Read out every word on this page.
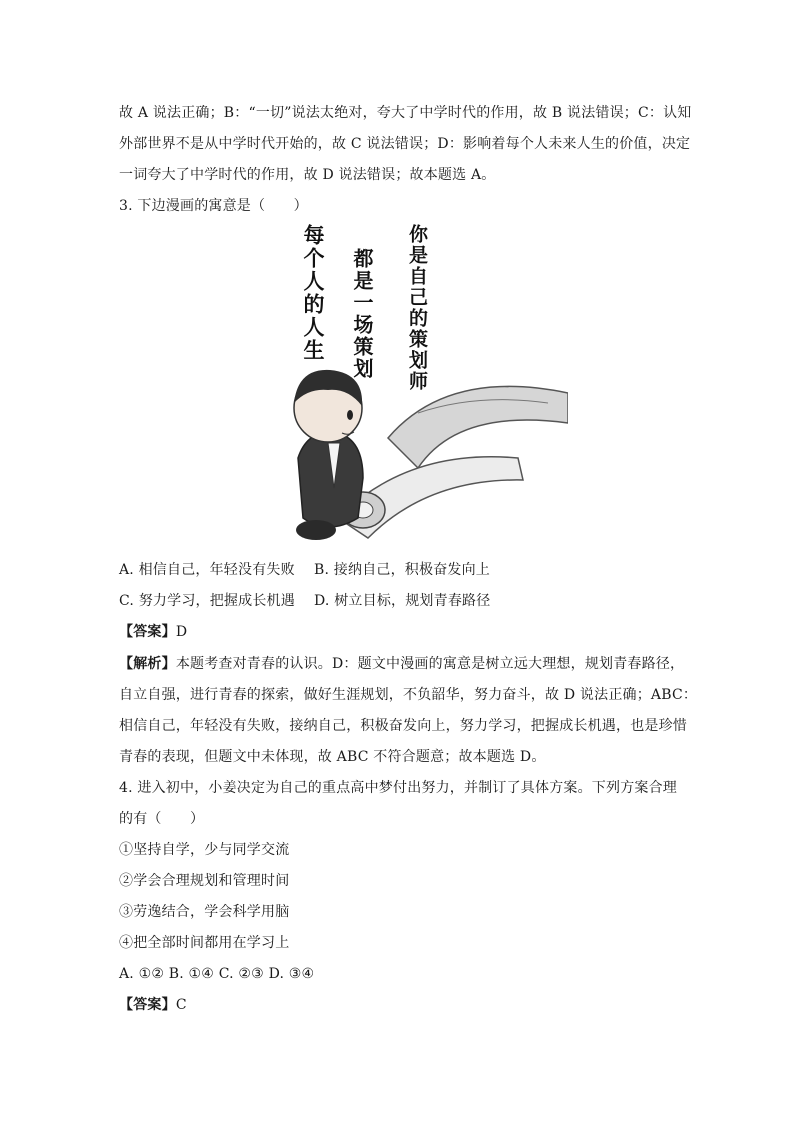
故 A 说法正确；B：“一切”说法太绝对，夸大了中学时代的作用，故 B 说法错误；C：认知
外部世界不是从中学时代开始的，故 C 说法错误；D：影响着每个人未来人生的价值，决定
一词夸大了中学时代的作用，故 D 说法错误；故本题选 A。
3. 下边漫画的寓意是（　　）
每个人的人生 都是一场策划 你是自己的策划师
A. 相信自己，年轻没有失败 B. 接纳自己，积极奋发向上
C. 努力学习，把握成长机遇 D. 树立目标，规划青春路径
【答案】D
【解析】本题考查对青春的认识。D：题文中漫画的寓意是树立远大理想，规划青春路径，
自立自强，进行青春的探索，做好生涯规划，不负韶华，努力奋斗，故 D 说法正确；ABC：
相信自己，年轻没有失败，接纳自己，积极奋发向上，努力学习，把握成长机遇，也是珍惜
青春的表现，但题文中未体现，故 ABC 不符合题意；故本题选 D。
4. 进入初中，小姜决定为自己的重点高中梦付出努力，并制订了具体方案。下列方案合理
的有（　　）
①坚持自学，少与同学交流
②学会合理规划和管理时间
③劳逸结合，学会科学用脑
④把全部时间都用在学习上
A. ①② B. ①④ C. ②③ D. ③④
【答案】C
